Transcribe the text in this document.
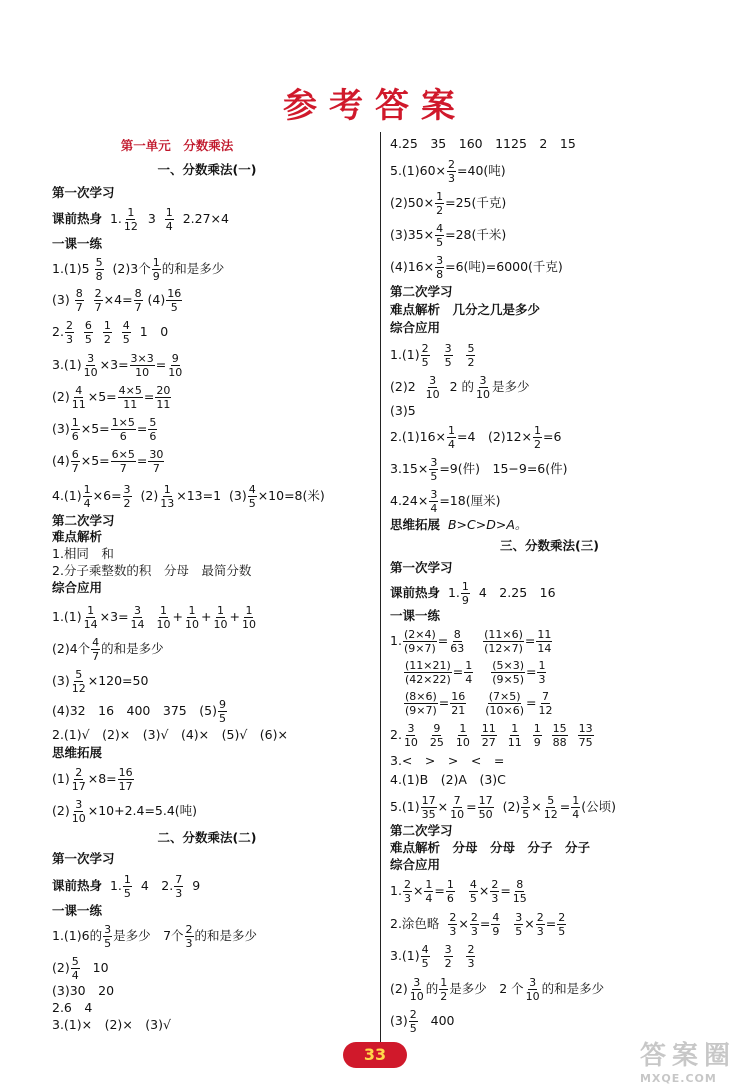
参考答案
第一单元　分数乘法
一、分数乘法(一)
第一次学习
课前热身 1. $\frac{1}{12} 3 \frac{1}{4} 2.27\times 4$
一课一练
$1.(1)5 \frac{5}{8} (2)3$个 $\frac{1}{9}$ 的和是多少
$(3) \frac{8}{7}$
$\frac{2}{7} \times 4= \frac{8}{7} (4) \frac{16}{5}$
2. $\frac{2}{3}$
$\frac{6}{5}$
$\frac{1}{2}$
$\frac{4}{5} 1$　0
$3.(1) \frac{3}{10} \times 3= \frac{3\times 3}{10} = \frac{9}{10}$
$(2) \frac{4}{11} \times 5= \frac{4\times 5}{11} = \frac{20}{11}$
$(3) \frac{1}{6} \times 5= \frac{1\times 5}{6} = \frac{5}{6}$
$(4) \frac{6}{7} \times 5= \frac{6\times 5}{7} = \frac{30}{7}$
$4.(1) \frac{1}{4} \times 6= \frac{3}{2} (2) \frac{1}{13} \times 13=1$ $(3) \frac{4}{5} \times 10=8$(米)
第二次学习
难点解析
1.相同　和
2.分子乘整数的积　分母　最简分数
综合应用
$1.(1) \frac{1}{14} \times 3= \frac{3}{14}$
$\frac{1}{10} + \frac{1}{10} + \frac{1}{10} + \frac{1}{10}$
(2)4个 $\frac{4}{7}$ 的和是多少
$(3) \frac{5}{12} \times 120=50$
(4)32　16　400　375　$(5) \frac{9}{5}$
2.(1)√　(2)×　(3)√　(4)×　(5)√　(6)×
思维拓展
$(1) \frac{2}{17} \times 8= \frac{16}{17}$
$(2) \frac{3}{10} \times 10+2.4=5.4$(吨)
二、分数乘法(二)
第一次学习
课前热身 1. $\frac{1}{5} 4$　2. $\frac{7}{3} 9$
一课一练
1.(1)6的 $\frac{3}{5}$ 是多少　7个 $\frac{2}{3}$ 的和是多少
$(2) \frac{5}{4} 10$
(3)30　20
2.6　4
3.(1)×　(2)×　(3)√
4.25　35　160　1125　2　15
$5.(1)60\times \frac{2}{3} =40$(吨)
$(2)50\times \frac{1}{2} =25$(千克)
$(3)35\times \frac{4}{5} =28$(千米)
$(4)16\times \frac{3}{8} =6$(吨)=6000(千克)
第二次学习
难点解析　几分之几是多少
综合应用
$1.(1) \frac{2}{5}$
$\frac{3}{5}$
$\frac{5}{2}$
$(2)2 \frac{3}{10} 2$ 的 $\frac{3}{10}$ 是多少
(3)5
$2.(1)16\times \frac{1}{4} =4$　$(2)12\times \frac{1}{2} =6$
$3.15\times \frac{3}{5} =9$(件)　15−9=6(件)
$4.24\times \frac{3}{4} =18$(厘米)
思维拓展 B>C>D>A。
三、分数乘法(三)
第一次学习
课前热身 1. $\frac{1}{9} 4$　2.25　16
一课一练
1. $\frac{(2\times 4)}{(9\times 7)} = \frac{8}{63}$
$\frac{(11\times 6)}{(12\times 7)} = \frac{11}{14}$
$\frac{(11\times 21)}{(42\times 22)} = \frac{1}{4}$
$\frac{(5\times 3)}{(9\times 5)} = \frac{1}{3}$
$\frac{(8\times 6)}{(9\times 7)} = \frac{16}{21}$
$\frac{(7\times 5)}{(10\times 6)} = \frac{7}{12}$
2. $\frac{3}{10}$
$\frac{9}{25}$
$\frac{1}{10}$
$\frac{11}{27}$
$\frac{1}{11}$
$\frac{1}{9}$
$\frac{15}{88}$
$\frac{13}{75}$
3.<　>　>　<　=
4.(1)B　(2)A　(3)C
$5.(1) \frac{17}{35} \times \frac{7}{10} = \frac{17}{50} (2) \frac{3}{5} \times \frac{5}{12} = \frac{1}{4}$ (公顷)
第二次学习
难点解析　分母　分母　分子　分子
综合应用
1. $\frac{2}{3} \times \frac{1}{4} = \frac{1}{6}$
$\frac{4}{5} \times \frac{2}{3} = \frac{8}{15}$
2.涂色略 $\frac{2}{3} \times \frac{2}{3} = \frac{4}{9}$
$\frac{3}{5} \times \frac{2}{3} = \frac{2}{5}$
$3.(1) \frac{4}{5}$
$\frac{3}{2}$
$\frac{2}{3}$
$(2) \frac{3}{10}$ 的 $\frac{1}{2}$ 是多少　2 个 $\frac{3}{10}$ 的和是多少
$(3) \frac{2}{5} 400$
33	答案圈
MXQE.COM
